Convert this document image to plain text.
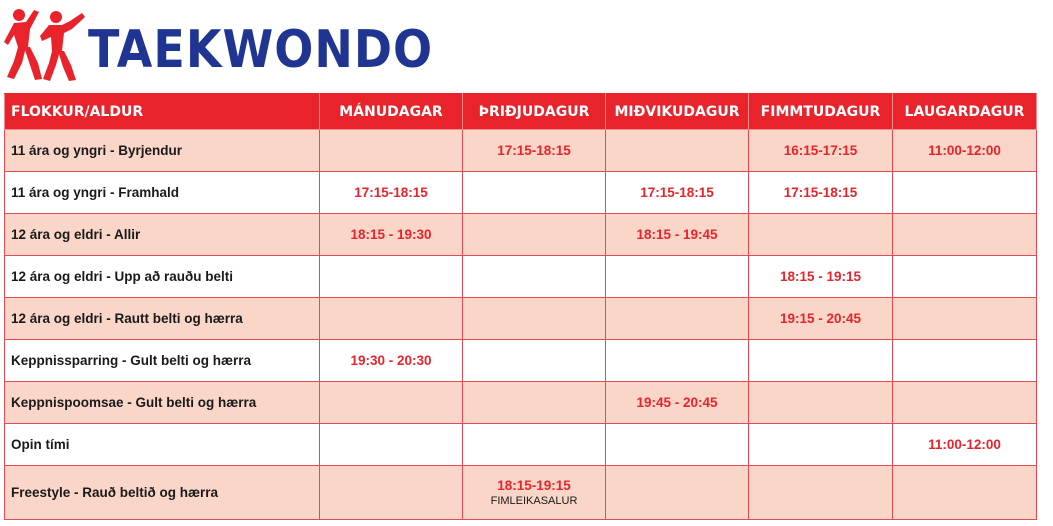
TAEKWONDO
FLOKKUR/ALDUR	MÁNUDAGAR	ÞRIÐJUDAGUR	MIÐVIKUDAGUR	FIMMTUDAGUR	LAUGARDAGUR
11 ára og yngri - Byrjendur		17:15-18:15		16:15-17:15	11:00-12:00
11 ára og yngri - Framhald	17:15-18:15		17:15-18:15	17:15-18:15	
12 ára og eldri - Allir	18:15 - 19:30		18:15 - 19:45		
12 ára og eldri - Upp að rauðu belti				18:15 - 19:15	
12 ára og eldri - Rautt belti og hærra				19:15 - 20:45	
Keppnissparring - Gult belti og hærra	19:30 - 20:30				
Keppnispoomsae - Gult belti og hærra			19:45 - 20:45		
Opin tími					11:00-12:00
Freestyle - Rauð beltið og hærra		18:15-19:15
FIMLEIKASALUR			
